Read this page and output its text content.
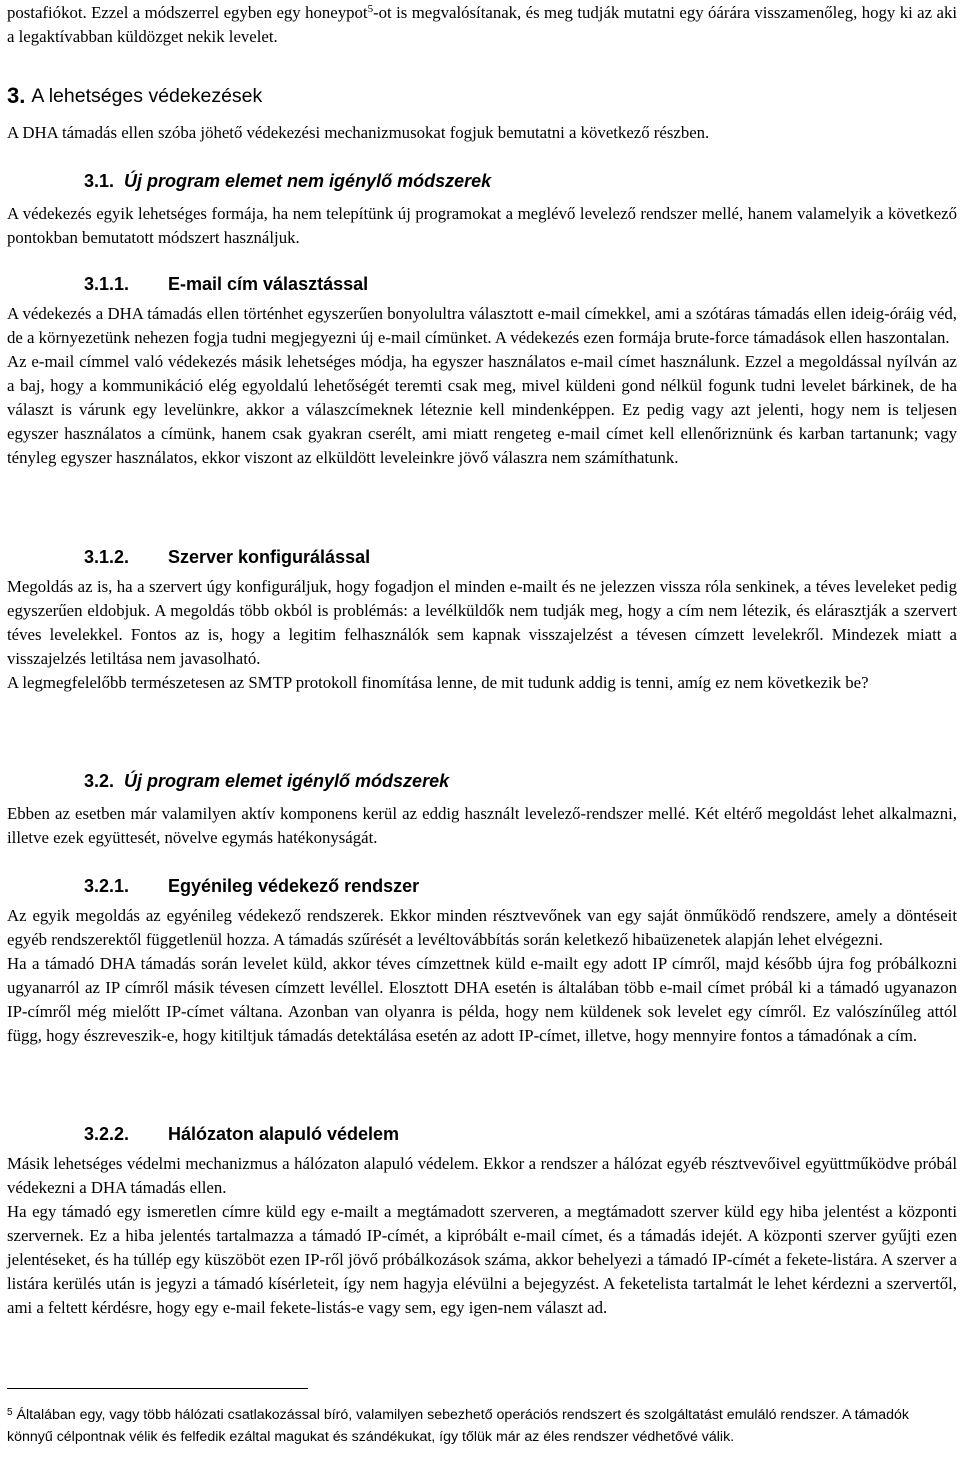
postafiókot. Ezzel a módszerrel egyben egy honeypot$^5$-ot is megvalósítanak, és meg tudják mutatni egy óárára visszamenőleg, hogy ki az aki a legaktívabban küldözget nekik levelet.

3. A lehetséges védekezések

A DHA támadás ellen szóba jöhető védekezési mechanizmusokat fogjuk bemutatni a következő részben.

3.1. Új program elemet nem igénylő módszerek

A védekezés egyik lehetséges formája, ha nem telepítünk új programokat a meglévő levelező rendszer mellé, hanem valamelyik a következő pontokban bemutatott módszert használjuk.

3.1.1.	E-mail cím választással

A védekezés a DHA támadás ellen történhet egyszerűen bonyolultra választott e-mail címekkel, ami a szótáras támadás ellen ideig-óráig véd, de a környezetünk nehezen fogja tudni megjegyezni új e-mail címünket. A védekezés ezen formája brute-force támadások ellen haszontalan.

Az e-mail címmel való védekezés másik lehetséges módja, ha egyszer használatos e-mail címet használunk. Ezzel a megoldással nyílván az a baj, hogy a kommunikáció elég egyoldalú lehetőségét teremti csak meg, mivel küldeni gond nélkül fogunk tudni levelet bárkinek, de ha választ is várunk egy levelünkre, akkor a válaszcímeknek léteznie kell mindenképpen. Ez pedig vagy azt jelenti, hogy nem is teljesen egyszer használatos a címünk, hanem csak gyakran cserélt, ami miatt rengeteg e-mail címet kell ellenőriznünk és karban tartanunk; vagy tényleg egyszer használatos, ekkor viszont az elküldött leveleinkre jövő válaszra nem számíthatunk.

3.1.2.	Szerver konfigurálással

Megoldás az is, ha a szervert úgy konfiguráljuk, hogy fogadjon el minden e-mailt és ne jelezzen vissza róla senkinek, a téves leveleket pedig egyszerűen eldobjuk. A megoldás több okból is problémás: a levélküldők nem tudják meg, hogy a cím nem létezik, és elárasztják a szervert téves levelekkel. Fontos az is, hogy a legitim felhasználók sem kapnak visszajelzést a tévesen címzett levelekről. Mindezek miatt a visszajelzés letiltása nem javasolható.

A legmegfelelőbb természetesen az SMTP protokoll finomítása lenne, de mit tudunk addig is tenni, amíg ez nem következik be?

3.2. Új program elemet igénylő módszerek

Ebben az esetben már valamilyen aktív komponens kerül az eddig használt levelező-rendszer mellé. Két eltérő megoldást lehet alkalmazni, illetve ezek együttesét, növelve egymás hatékonyságát.

3.2.1.	Egyénileg védekező rendszer

Az egyik megoldás az egyénileg védekező rendszerek. Ekkor minden résztvevőnek van egy saját önműködő rendszere, amely a döntéseit egyéb rendszerektől függetlenül hozza. A támadás szűrését a levéltovábbítás során keletkező hibaüzenetek alapján lehet elvégezni.

Ha a támadó DHA támadás során levelet küld, akkor téves címzettnek küld e-mailt egy adott IP címről, majd később újra fog próbálkozni ugyanarról az IP címről másik tévesen címzett levéllel. Elosztott DHA esetén is általában több e-mail címet próbál ki a támadó ugyanazon IP-címről még mielőtt IP-címet váltana. Azonban van olyanra is példa, hogy nem küldenek sok levelet egy címről. Ez valószínűleg attól függ, hogy észreveszik-e, hogy kitiltjuk támadás detektálása esetén az adott IP-címet, illetve, hogy mennyire fontos a támadónak a cím.

3.2.2.	Hálózaton alapuló védelem

Másik lehetséges védelmi mechanizmus a hálózaton alapuló védelem. Ekkor a rendszer a hálózat egyéb résztvevőivel együttműködve próbál védekezni a DHA támadás ellen.

Ha egy támadó egy ismeretlen címre küld egy e-mailt a megtámadott szerveren, a megtámadott szerver küld egy hiba jelentést a központi szervernek. Ez a hiba jelentés tartalmazza a támadó IP-címét, a kipróbált e-mail címet, és a támadás idejét. A központi szerver gyűjti ezen jelentéseket, és ha túllép egy küszöböt ezen IP-ről jövő próbálkozások száma, akkor behelyezi a támadó IP-címét a fekete-listára. A szerver a listára kerülés után is jegyzi a támadó kísérleteit, így nem hagyja elévülni a bejegyzést. A feketelista tartalmát le lehet kérdezni a szervertől, ami a feltett kérdésre, hogy egy e-mail fekete-listás-e vagy sem, egy igen-nem választ ad.

$^5$ Általában egy, vagy több hálózati csatlakozással bíró, valamilyen sebezhető operációs rendszert és szolgáltatást emuláló rendszer. A támadók könnyű célpontnak vélik és felfedik ezáltal magukat és szándékukat, így tőlük már az éles rendszer védhetővé válik.
